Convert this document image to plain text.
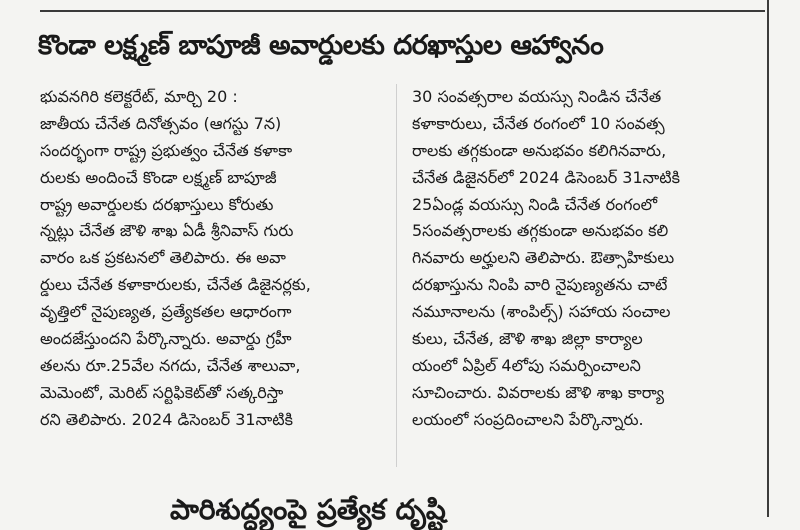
కొండా లక్ష్మణ్ బాపూజీ అవార్డులకు దరఖాస్తుల ఆహ్వానం
భువనగిరి కలెక్టరేట్, మార్చి 20 :
జాతీయ చేనేత దినోత్సవం (ఆగస్టు 7న)
సందర్భంగా రాష్ట్ర ప్రభుత్వం చేనేత కళాకా
రులకు అందించే కొండా లక్ష్మణ్ బాపూజీ
రాష్ట్ర అవార్డులకు దరఖాస్తులు కోరుతు
న్నట్లు చేనేత జౌళి శాఖ ఏడీ శ్రీనివాస్ గురు
వారం ఒక ప్రకటనలో తెలిపారు. ఈ అవా
ర్డులు చేనేత కళాకారులకు, చేనేత డిజైనర్లకు,
వృత్తిలో నైపుణ్యత, ప్రత్యేకతల ఆధారంగా
అందజేస్తుందని పేర్కొన్నారు. అవార్డు గ్రహీ
తలను రూ.25వేల నగదు, చేనేత శాలువా,
మెమెంటో, మెరిట్ సర్టిఫికెట్‌తో సత్కరిస్తా
రని తెలిపారు. 2024 డిసెంబర్ 31నాటికి
30 సంవత్సరాల వయస్సు నిండిన చేనేత
కళాకారులు, చేనేత రంగంలో 10 సంవత్స
రాలకు తగ్గకుండా అనుభవం కలిగినవారు,
చేనేత డిజైనర్‌లో 2024 డిసెంబర్ 31నాటికి
25ఏండ్ల వయస్సు నిండి చేనేత రంగంలో
5సంవత్సరాలకు తగ్గకుండా అనుభవం కలి
గినవారు అర్హులని తెలిపారు. ఔత్సాహికులు
దరఖాస్తును నింపి వారి నైపుణ్యతను చాటే
నమూనాలను (శాంపిల్స్) సహాయ సంచాల
కులు, చేనేత, జౌళి శాఖ జిల్లా కార్యాల
యంలో ఏప్రిల్ 4లోపు సమర్పించాలని
సూచించారు. వివరాలకు జౌళి శాఖ కార్యా
లయంలో సంప్రదించాలని పేర్కొన్నారు.
పారిశుద్ధ్యంపై ప్రత్యేక దృష్టి
